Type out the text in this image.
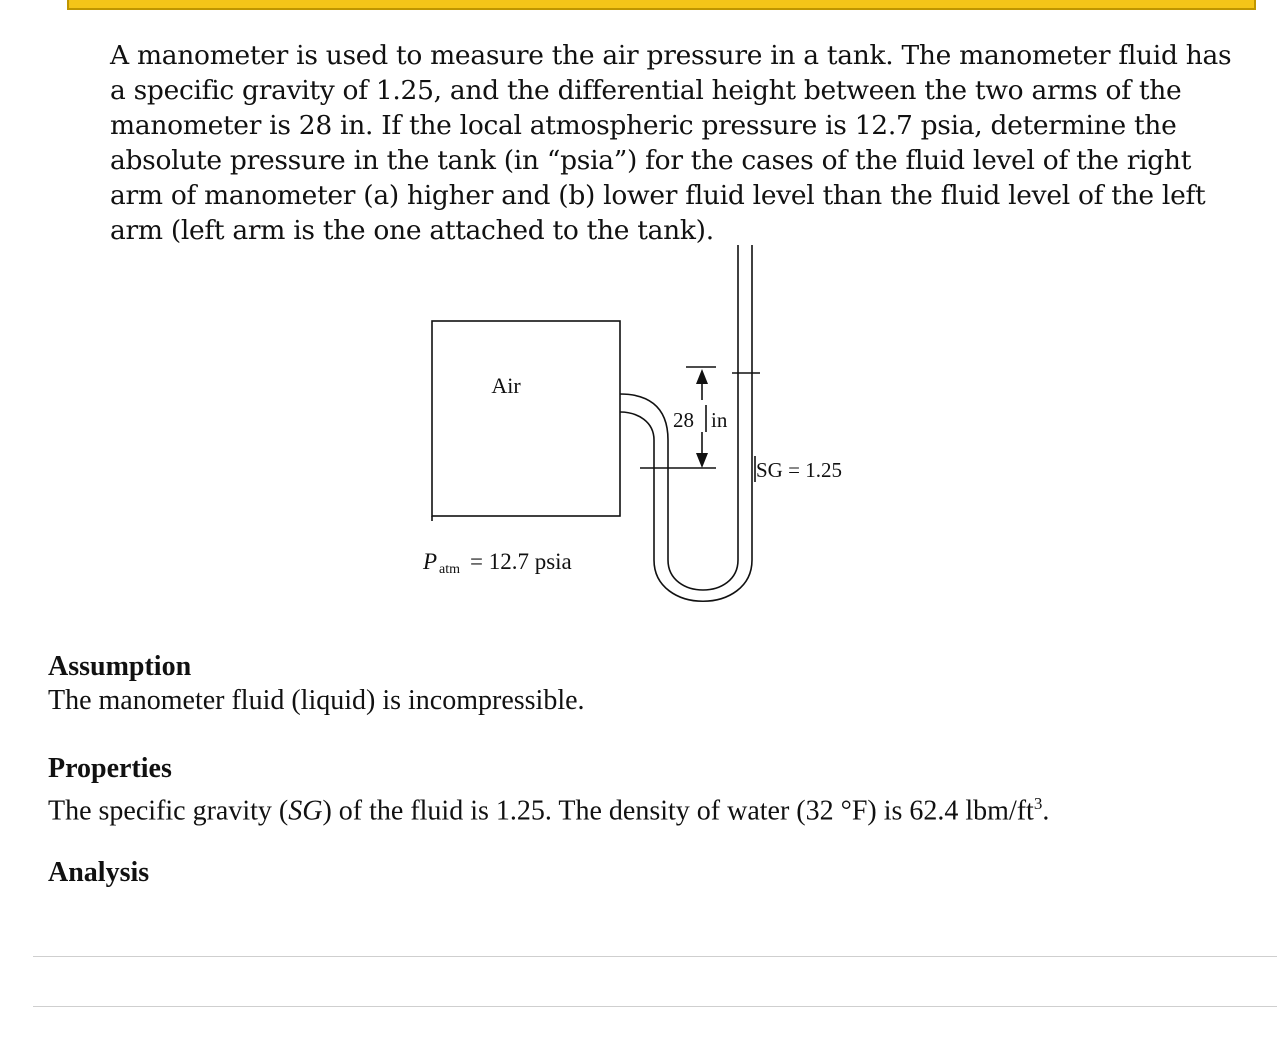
A manometer is used to measure the air pressure in a tank. The manometer fluid has a specific gravity of 1.25, and the differential height between the two arms of the manometer is 28 in. If the local atmospheric pressure is 12.7 psia, determine the absolute pressure in the tank (in “psia”) for the cases of the fluid level of the right arm of manometer (a) higher and (b) lower fluid level than the fluid level of the left arm (left arm is the one attached to the tank).

Air
28 in
SG = 1.25
P atm = 12.7 psia

Assumption

The manometer fluid (liquid) is incompressible.

Properties

The specific gravity (SG) of the fluid is 1.25. The density of water (32 °F) is 62.4 lbm/$ft^3$.

Analysis
